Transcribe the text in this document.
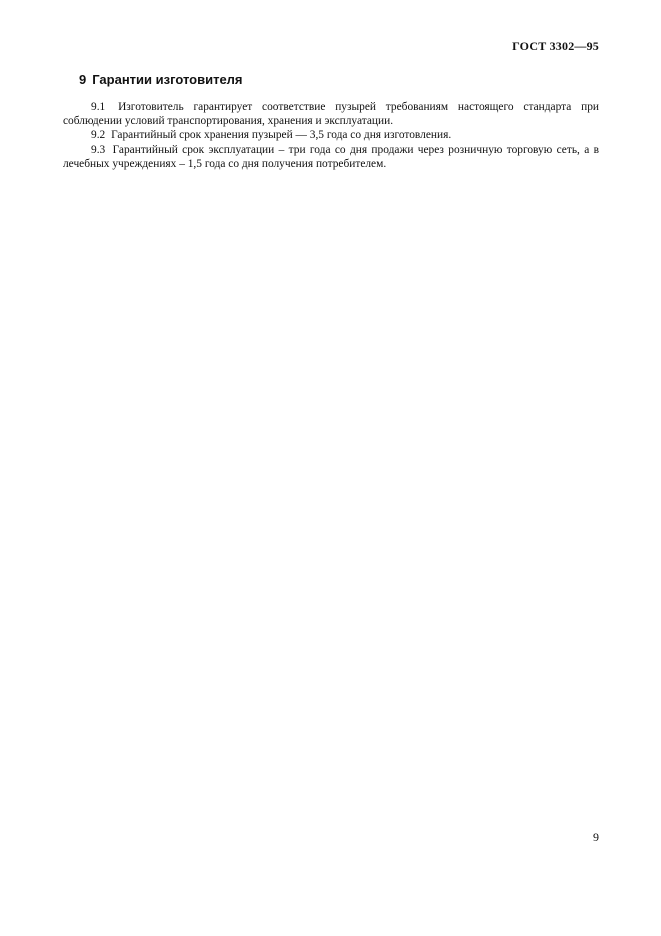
ГОСТ 3302—95
9 Гарантии изготовителя

9.1 Изготовитель гарантирует соответствие пузырей требованиям настоящего стандарта при соблюдении условий транспортирования, хранения и эксплуатации.

9.2 Гарантийный срок хранения пузырей — 3,5 года со дня изготовления.

9.3 Гарантийный срок эксплуатации – три года со дня продажи через розничную торговую сеть, а в лечебных учреждениях – 1,5 года со дня получения потребителем.

9
